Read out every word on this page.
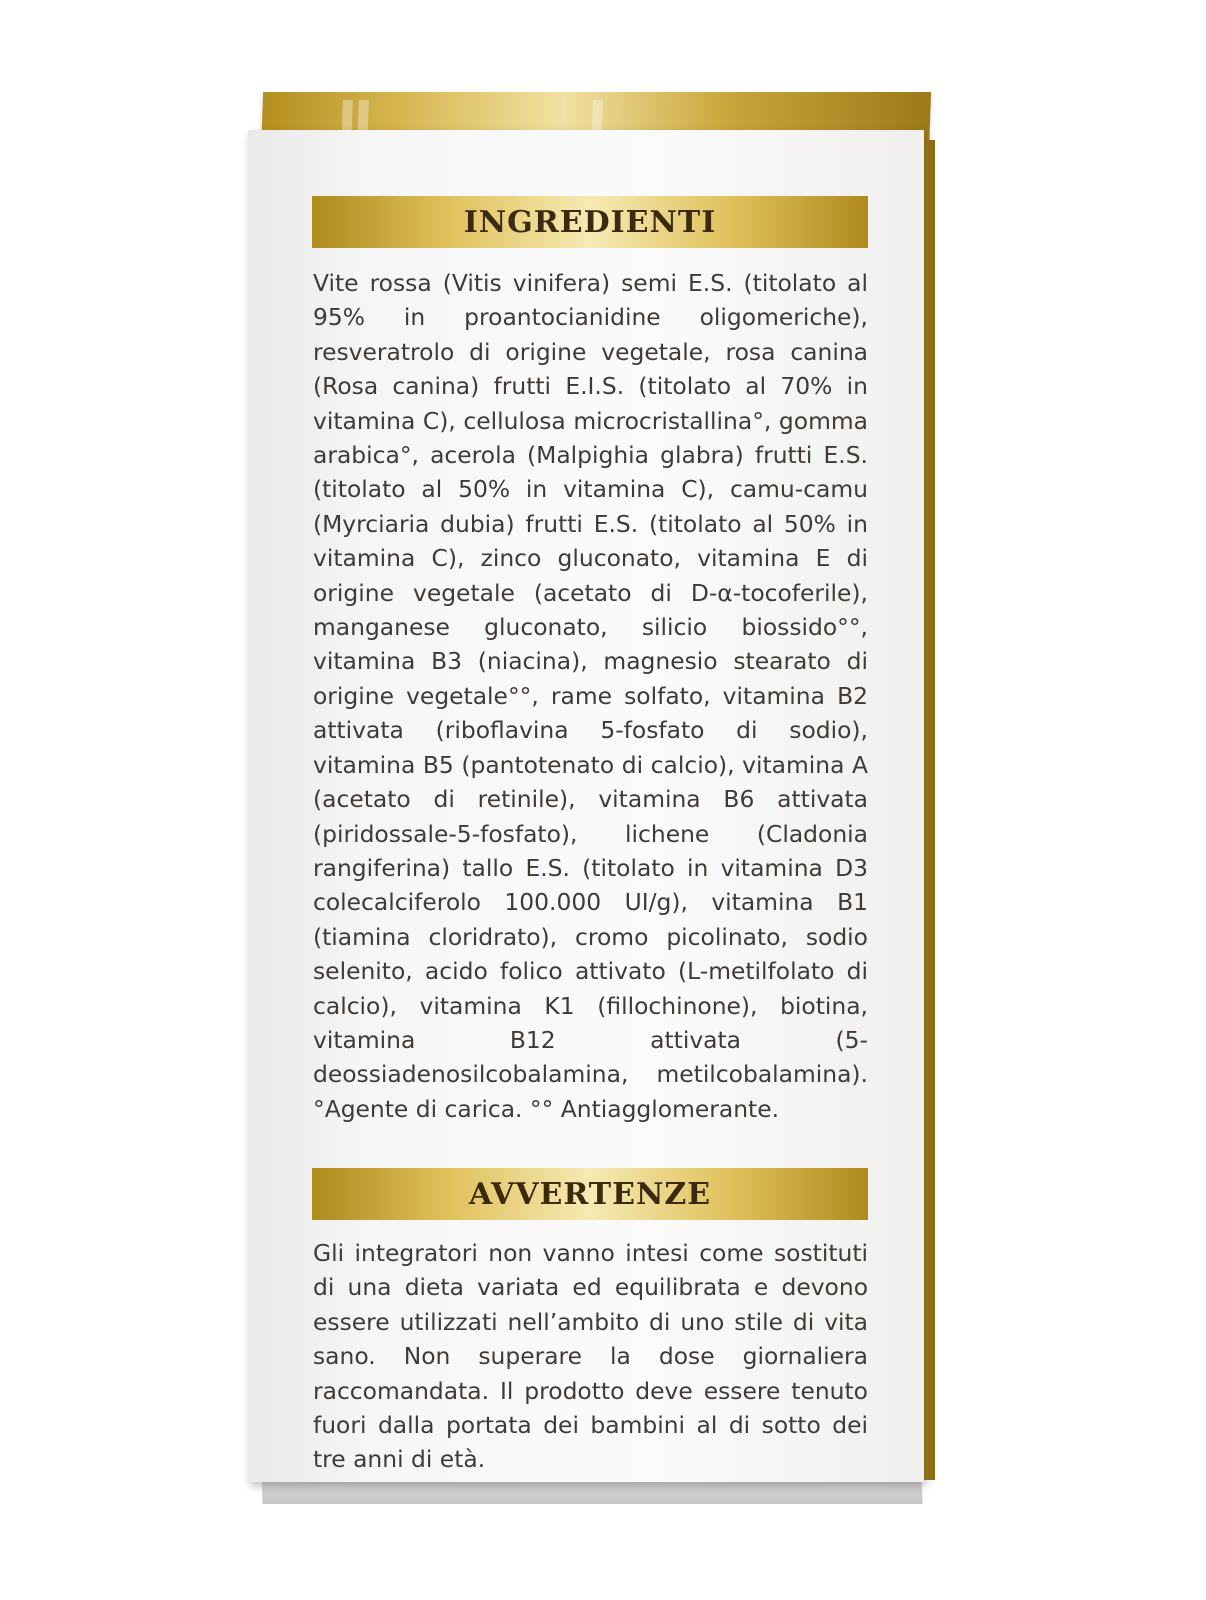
INGREDIENTI
Vite rossa (Vitis vinifera) semi E.S. (titolato al 95% in proantocianidine oligomeriche), resveratrolo di origine vegetale, rosa canina (Rosa canina) frutti E.I.S. (titolato al 70% in vitamina C), cellulosa microcristallina°, gomma arabica°, acerola (Malpighia glabra) frutti E.S. (titolato al 50% in vitamina C), camu-camu (Myrciaria dubia) frutti E.S. (titolato al 50% in vitamina C), zinco gluconato, vitamina E di origine vegetale (acetato di D-α-tocoferile), manganese gluconato, silicio biossido°°, vitamina B3 (niacina), magnesio stearato di origine vegetale°°, rame solfato, vitamina B2 attivata (riboflavina 5-fosfato di sodio), vitamina B5 (pantotenato di calcio), vitamina A (acetato di retinile), vitamina B6 attivata (piridossale-5-fosfato), lichene (Cladonia rangiferina) tallo E.S. (titolato in vitamina D3 colecalciferolo 100.000 UI/g), vitamina B1 (tiamina cloridrato), cromo picolinato, sodio selenito, acido folico attivato (L-metilfolato di calcio), vitamina K1 (fillochinone), biotina, vitamina B12 attivata (5-deossiadenosilcobalamina, metilcobalamina). °Agente di carica. °° Antiagglomerante.
AVVERTENZE
Gli integratori non vanno intesi come sostituti di una dieta variata ed equilibrata e devono essere utilizzati nell’ambito di uno stile di vita sano. Non superare la dose giornaliera raccomandata. Il prodotto deve essere tenuto fuori dalla portata dei bambini al di sotto dei tre anni di età.
